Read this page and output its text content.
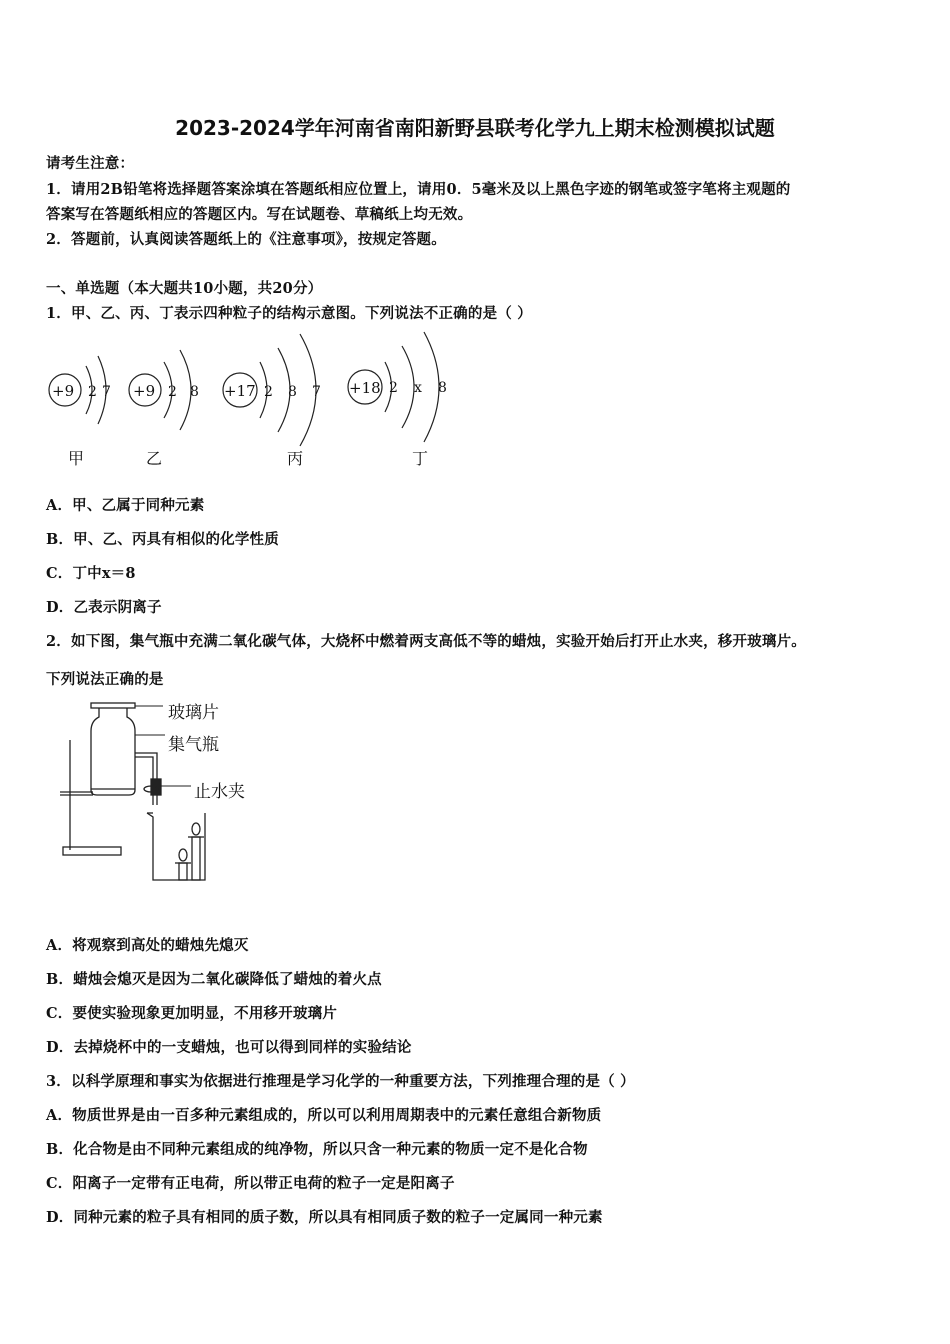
2023-2024学年河南省南阳新野县联考化学九上期末检测模拟试题
请考生注意：
1．请用2B铅笔将选择题答案涂填在答题纸相应位置上，请用0．5毫米及以上黑色字迹的钢笔或签字笔将主观题的
答案写在答题纸相应的答题区内。写在试题卷、草稿纸上均无效。
2．答题前，认真阅读答题纸上的《注意事项》，按规定答题。
一、单选题（本大题共10小题，共20分）
1．甲、乙、丙、丁表示四种粒子的结构示意图。下列说法不正确的是（ ）
+9 2 7
甲
+9 2 8
乙
+17 2 8 7
丙
+18 2 x 8
丁
A．甲、乙属于同种元素
B．甲、乙、丙具有相似的化学性质
C．丁中x＝8
D．乙表示阴离子
2．如下图，集气瓶中充满二氧化碳气体，大烧杯中燃着两支高低不等的蜡烛，实验开始后打开止水夹，移开玻璃片。
下列说法正确的是
玻璃片
集气瓶
止水夹
A．将观察到高处的蜡烛先熄灭
B．蜡烛会熄灭是因为二氧化碳降低了蜡烛的着火点
C．要使实验现象更加明显，不用移开玻璃片
D．去掉烧杯中的一支蜡烛，也可以得到同样的实验结论
3．以科学原理和事实为依据进行推理是学习化学的一种重要方法，下列推理合理的是（ ）
A．物质世界是由一百多种元素组成的，所以可以利用周期表中的元素任意组合新物质
B．化合物是由不同种元素组成的纯净物，所以只含一种元素的物质一定不是化合物
C．阳离子一定带有正电荷，所以带正电荷的粒子一定是阳离子
D．同种元素的粒子具有相同的质子数，所以具有相同质子数的粒子一定属同一种元素
